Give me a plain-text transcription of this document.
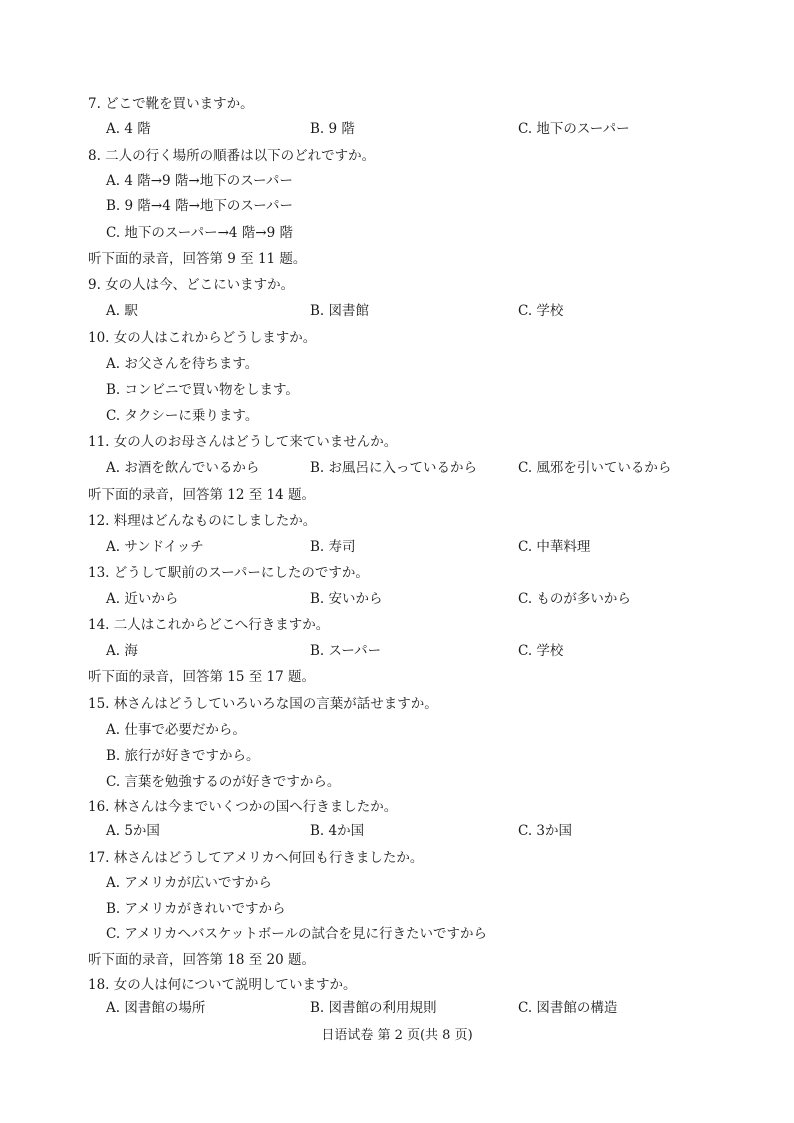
7. どこで靴を買いますか。
A. 4 階	B. 9 階	C. 地下のスーパー
8. 二人の行く場所の順番は以下のどれですか。
A. 4 階→9 階→地下のスーパー
B. 9 階→4 階→地下のスーパー
C. 地下のスーパー→4 階→9 階
听下面的录音，回答第 9 至 11 题。
9. 女の人は今、どこにいますか。
A. 駅	B. 図書館	C. 学校
10. 女の人はこれからどうしますか。
A. お父さんを待ちます。
B. コンビニで買い物をします。
C. タクシーに乗ります。
11. 女の人のお母さんはどうして来ていませんか。
A. お酒を飲んでいるから	B. お風呂に入っているから	C. 風邪を引いているから
听下面的录音，回答第 12 至 14 题。
12. 料理はどんなものにしましたか。
A. サンドイッチ	B. 寿司	C. 中華料理
13. どうして駅前のスーパーにしたのですか。
A. 近いから	B. 安いから	C. ものが多いから
14. 二人はこれからどこへ行きますか。
A. 海	B. スーパー	C. 学校
听下面的录音，回答第 15 至 17 题。
15. 林さんはどうしていろいろな国の言葉が話せますか。
A. 仕事で必要だから。
B. 旅行が好きですから。
C. 言葉を勉強するのが好きですから。
16. 林さんは今までいくつかの国へ行きましたか。
A. 5か国	B. 4か国	C. 3か国
17. 林さんはどうしてアメリカへ何回も行きましたか。
A. アメリカが広いですから
B. アメリカがきれいですから
C. アメリカへバスケットボールの試合を見に行きたいですから
听下面的录音，回答第 18 至 20 题。
18. 女の人は何について説明していますか。
A. 図書館の場所	B. 図書館の利用規則	C. 図書館の構造
日语试卷 第 2 页(共 8 页)
